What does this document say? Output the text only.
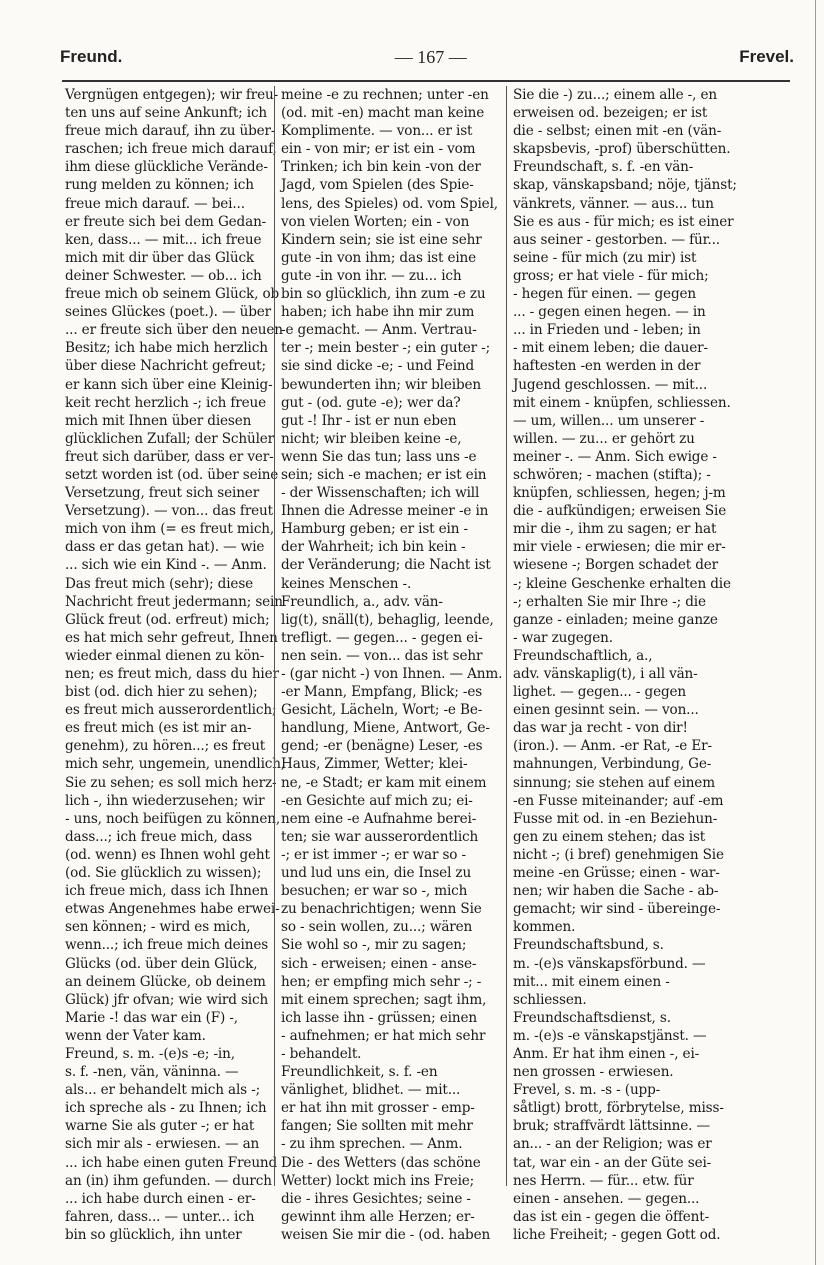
Freund.	— 167 —	Frevel.
Vergnügen entgegen); wir freu-
ten uns auf seine Ankunft; ich
freue mich darauf, ihn zu über-
raschen; ich freue mich darauf,
ihm diese glückliche Verände-
rung melden zu können; ich
freue mich darauf. — bei...
er freute sich bei dem Gedan-
ken, dass... — mit... ich freue
mich mit dir über das Glück
deiner Schwester. — ob... ich
freue mich ob seinem Glück, ob
seines Glückes (poet.). — über
... er freute sich über den neuen
Besitz; ich habe mich herzlich
über diese Nachricht gefreut;
er kann sich über eine Kleinig-
keit recht herzlich -; ich freue
mich mit Ihnen über diesen
glücklichen Zufall; der Schüler
freut sich darüber, dass er ver-
setzt worden ist (od. über seine
Versetzung, freut sich seiner
Versetzung). — von... das freut
mich von ihm (= es freut mich,
dass er das getan hat). — wie
... sich wie ein Kind -. — Anm.
Das freut mich (sehr); diese
Nachricht freut jedermann; sein
Glück freut (od. erfreut) mich;
es hat mich sehr gefreut, Ihnen
wieder einmal dienen zu kön-
nen; es freut mich, dass du hier
bist (od. dich hier zu sehen);
es freut mich ausserordentlich;
es freut mich (es ist mir an-
genehm), zu hören...; es freut
mich sehr, ungemein, unendlich,
Sie zu sehen; es soll mich herz-
lich -, ihn wiederzusehen; wir
- uns, noch beifügen zu können,
dass...; ich freue mich, dass
(od. wenn) es Ihnen wohl geht
(od. Sie glücklich zu wissen);
ich freue mich, dass ich Ihnen
etwas Angenehmes habe erwei-
sen können; - wird es mich,
wenn...; ich freue mich deines
Glücks (od. über dein Glück,
an deinem Glücke, ob deinem
Glück) jfr ofvan; wie wird sich
Marie -! das war ein (F) -,
wenn der Vater kam.
Freund, s. m. -(e)s -e; -in,
s. f. -nen, vän, väninna. —
als... er behandelt mich als -;
ich spreche als - zu Ihnen; ich
warne Sie als guter -; er hat
sich mir als - erwiesen. — an
... ich habe einen guten Freund
an (in) ihm gefunden. — durch
... ich habe durch einen - er-
fahren, dass... — unter... ich
bin so glücklich, ihn unter
meine -e zu rechnen; unter -en
(od. mit -en) macht man keine
Komplimente. — von... er ist
ein - von mir; er ist ein - vom
Trinken; ich bin kein -von der
Jagd, vom Spielen (des Spie-
lens, des Spieles) od. vom Spiel,
von vielen Worten; ein - von
Kindern sein; sie ist eine sehr
gute -in von ihm; das ist eine
gute -in von ihr. — zu... ich
bin so glücklich, ihn zum -e zu
haben; ich habe ihn mir zum
-e gemacht. — Anm. Vertrau-
ter -; mein bester -; ein guter -;
sie sind dicke -e; - und Feind
bewunderten ihn; wir bleiben
gut - (od. gute -e); wer da?
gut -! Ihr - ist er nun eben
nicht; wir bleiben keine -e,
wenn Sie das tun; lass uns -e
sein; sich -e machen; er ist ein
- der Wissenschaften; ich will
Ihnen die Adresse meiner -e in
Hamburg geben; er ist ein -
der Wahrheit; ich bin kein -
der Veränderung; die Nacht ist
keines Menschen -.
Freundlich, a., adv. vän-
lig(t), snäll(t), behaglig, leende,
trefligt. — gegen... - gegen ei-
nen sein. — von... das ist sehr
- (gar nicht -) von Ihnen. — Anm.
-er Mann, Empfang, Blick; -es
Gesicht, Lächeln, Wort; -e Be-
handlung, Miene, Antwort, Ge-
gend; -er (benägne) Leser, -es
Haus, Zimmer, Wetter; klei-
ne, -e Stadt; er kam mit einem
-en Gesichte auf mich zu; ei-
nem eine -e Aufnahme berei-
ten; sie war ausserordentlich
-; er ist immer -; er war so -
und lud uns ein, die Insel zu
besuchen; er war so -, mich
zu benachrichtigen; wenn Sie
so - sein wollen, zu...; wären
Sie wohl so -, mir zu sagen;
sich - erweisen; einen - anse-
hen; er empfing mich sehr -; -
mit einem sprechen; sagt ihm,
ich lasse ihn - grüssen; einen
- aufnehmen; er hat mich sehr
- behandelt.
Freundlichkeit, s. f. -en
vänlighet, blidhet. — mit...
er hat ihn mit grosser - emp-
fangen; Sie sollten mit mehr
- zu ihm sprechen. — Anm.
Die - des Wetters (das schöne
Wetter) lockt mich ins Freie;
die - ihres Gesichtes; seine -
gewinnt ihm alle Herzen; er-
weisen Sie mir die - (od. haben
Sie die -) zu...; einem alle -, en
erweisen od. bezeigen; er ist
die - selbst; einen mit -en (vän-
skapsbevis, -prof) überschütten.
Freundschaft, s. f. -en vän-
skap, vänskapsband; nöje, tjänst;
vänkrets, vänner. — aus... tun
Sie es aus - für mich; es ist einer
aus seiner - gestorben. — für...
seine - für mich (zu mir) ist
gross; er hat viele - für mich;
- hegen für einen. — gegen
... - gegen einen hegen. — in
... in Frieden und - leben; in
- mit einem leben; die dauer-
haftesten -en werden in der
Jugend geschlossen. — mit...
mit einem - knüpfen, schliessen.
— um, willen... um unserer -
willen. — zu... er gehört zu
meiner -. — Anm. Sich ewige -
schwören; - machen (stifta); -
knüpfen, schliessen, hegen; j-m
die - aufkündigen; erweisen Sie
mir die -, ihm zu sagen; er hat
mir viele - erwiesen; die mir er-
wiesene -; Borgen schadet der
-; kleine Geschenke erhalten die
-; erhalten Sie mir Ihre -; die
ganze - einladen; meine ganze
- war zugegen.
Freundschaftlich, a.,
adv. vänskaplig(t), i all vän-
lighet. — gegen... - gegen
einen gesinnt sein. — von...
das war ja recht - von dir!
(iron.). — Anm. -er Rat, -e Er-
mahnungen, Verbindung, Ge-
sinnung; sie stehen auf einem
-en Fusse miteinander; auf -em
Fusse mit od. in -en Beziehun-
gen zu einem stehen; das ist
nicht -; (i bref) genehmigen Sie
meine -en Grüsse; einen - war-
nen; wir haben die Sache - ab-
gemacht; wir sind - übereinge-
kommen.
Freundschaftsbund, s.
m. -(e)s vänskapsförbund. —
mit... mit einem einen -
schliessen.
Freundschaftsdienst, s.
m. -(e)s -e vänskapstjänst. —
Anm. Er hat ihm einen -, ei-
nen grossen - erwiesen.
Frevel, s. m. -s - (upp-
såtligt) brott, förbrytelse, miss-
bruk; straffvärdt lättsinne. —
an... - an der Religion; was er
tat, war ein - an der Güte sei-
nes Herrn. — für... etw. für
einen - ansehen. — gegen...
das ist ein - gegen die öffent-
liche Freiheit; - gegen Gott od.
